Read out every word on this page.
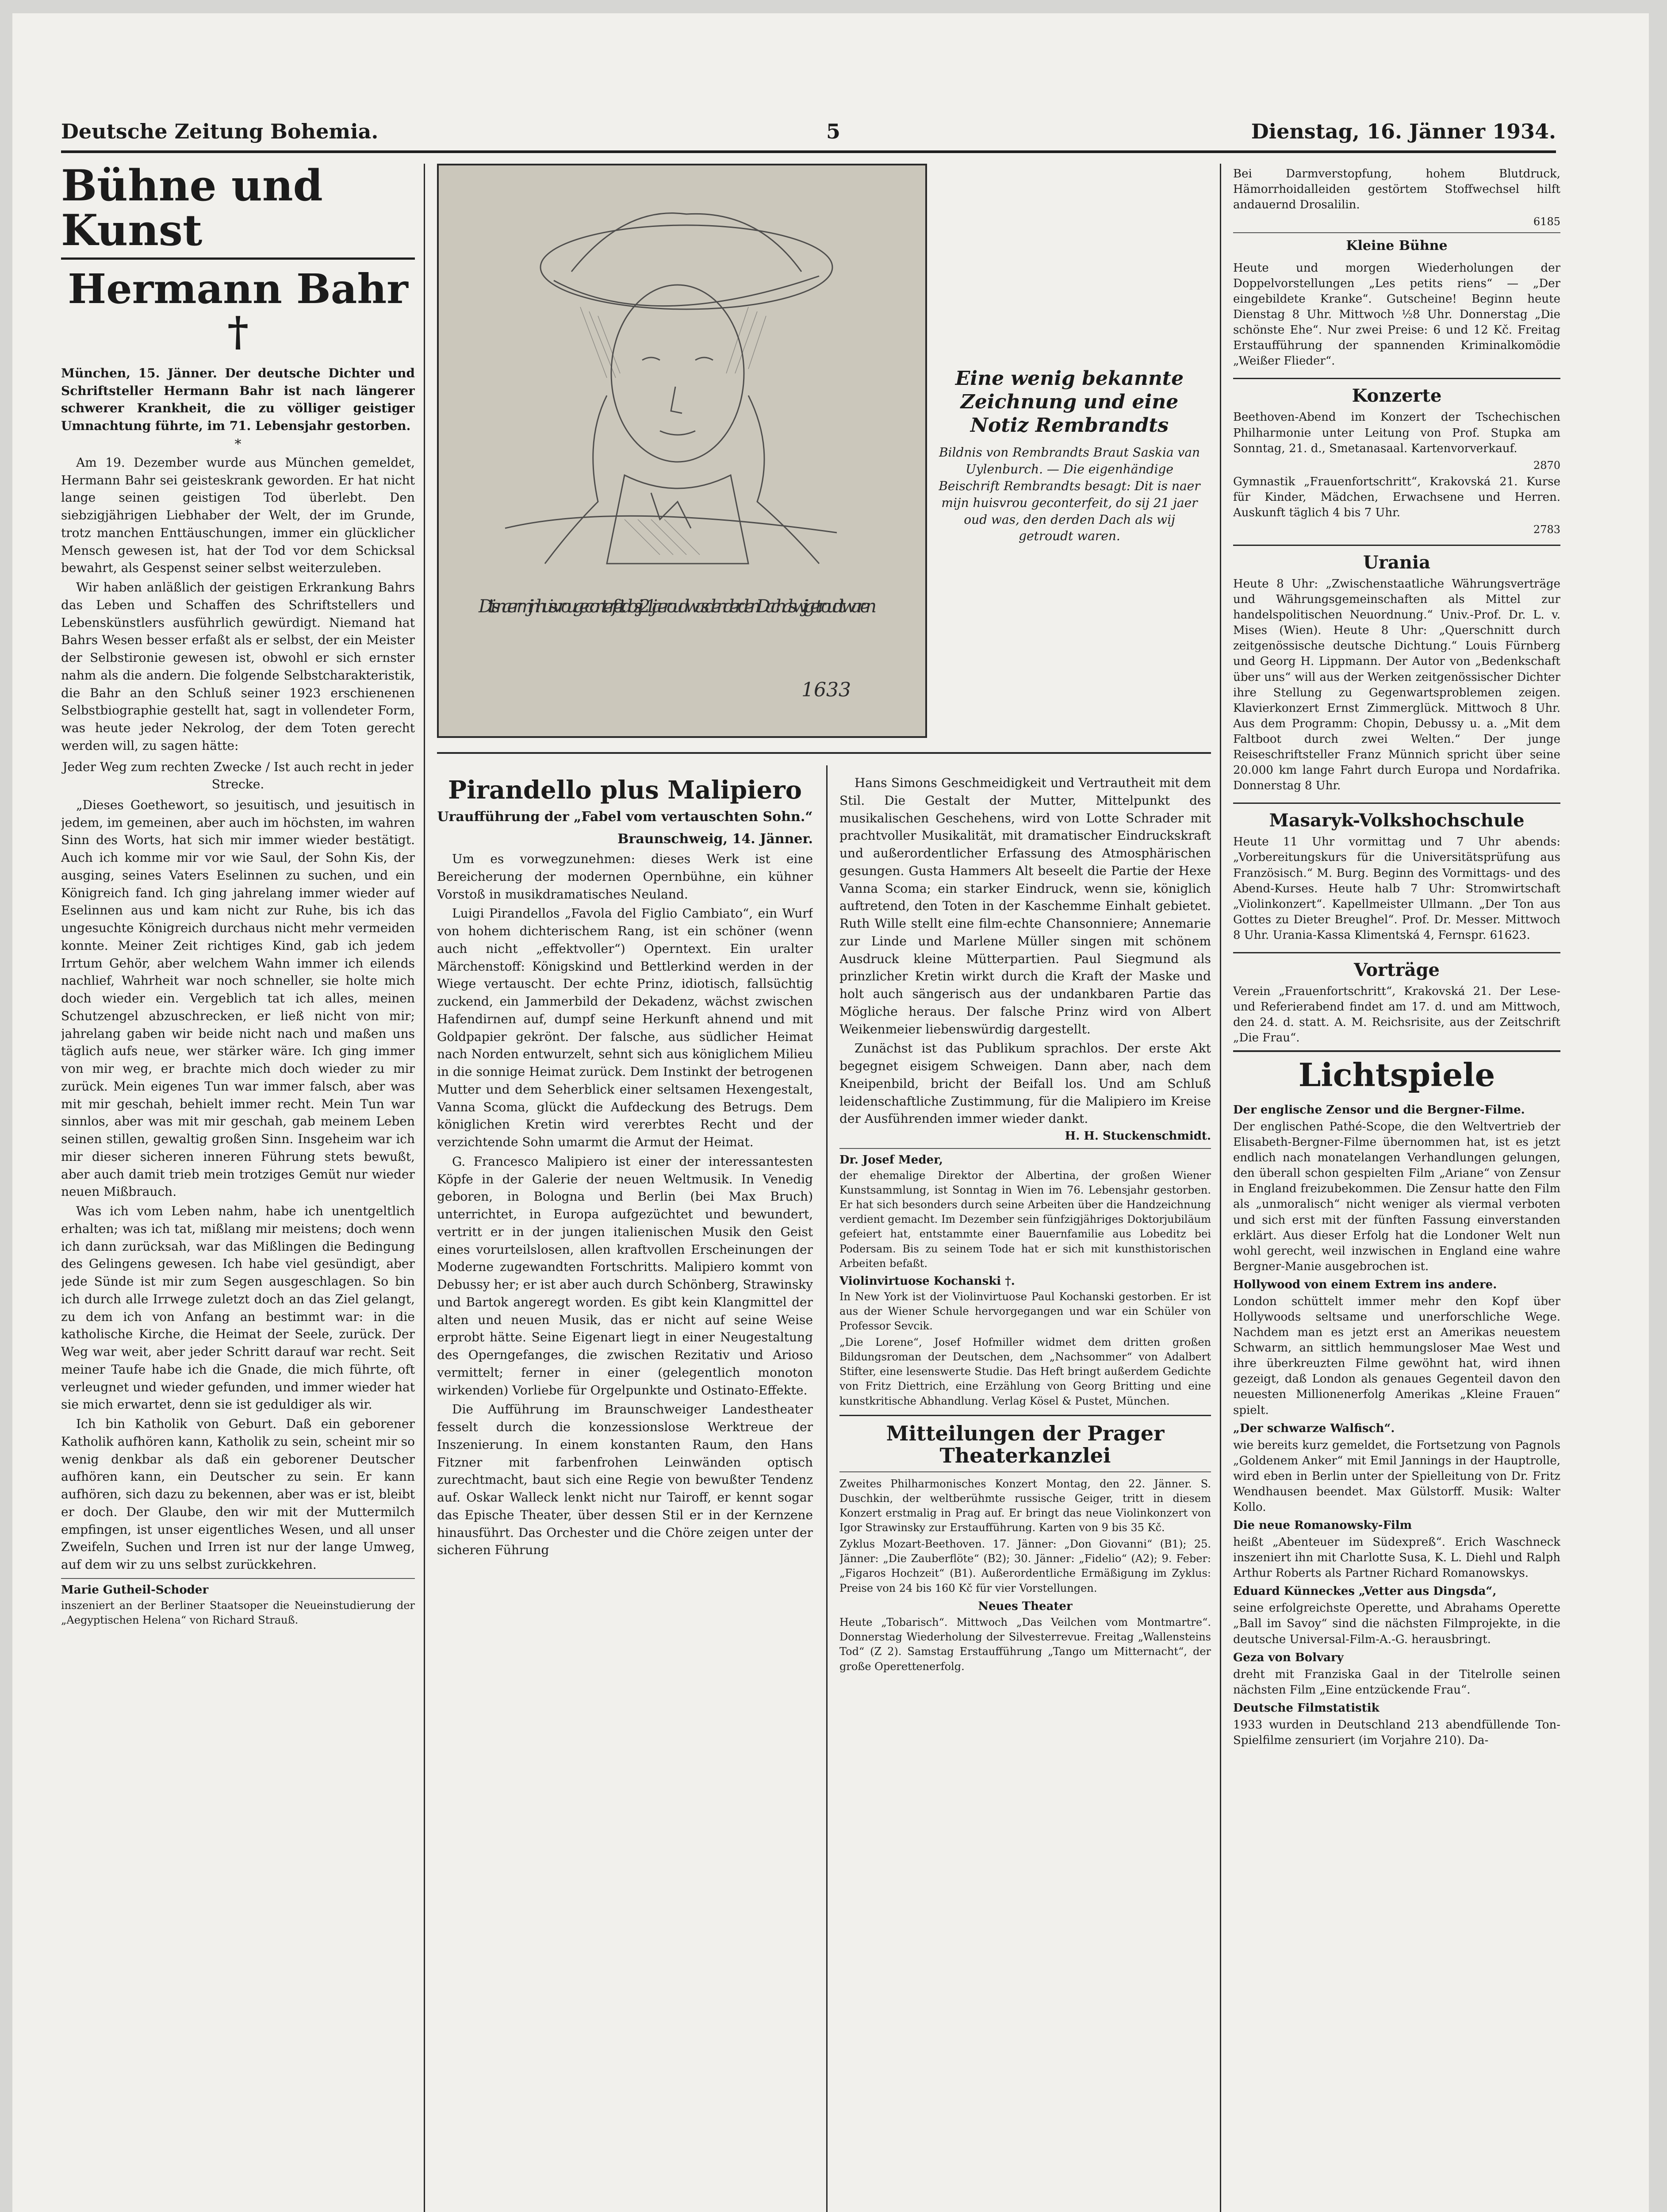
Deutsche Zeitung Bohemia.	5	Dienstag, 16. Jänner 1934.
Bühne und Kunst
Hermann Bahr †

München, 15. Jänner. Der deutsche Dichter und Schriftsteller Hermann Bahr ist nach längerer schwerer Krankheit, die zu völliger geistiger Umnachtung führte, im 71. Lebensjahr gestorben.

*

Am 19. Dezember wurde aus München gemeldet, Hermann Bahr sei geisteskrank geworden. Er hat nicht lange seinen geistigen Tod überlebt. Den siebzigjährigen Liebhaber der Welt, der im Grunde, trotz manchen Enttäuschungen, immer ein glücklicher Mensch gewesen ist, hat der Tod vor dem Schicksal bewahrt, als Gespenst seiner selbst weiterzuleben.

Wir haben anläßlich der geistigen Erkrankung Bahrs das Leben und Schaffen des Schriftstellers und Lebenskünstlers ausführlich gewürdigt. Niemand hat Bahrs Wesen besser erfaßt als er selbst, der ein Meister der Selbstironie gewesen ist, obwohl er sich ernster nahm als die andern. Die folgende Selbstcharakteristik, die Bahr an den Schluß seiner 1923 erschienenen Selbstbiographie gestellt hat, sagt in vollendeter Form, was heute jeder Nekrolog, der dem Toten gerecht werden will, zu sagen hätte:

Jeder Weg zum rechten Zwecke / Ist auch recht in jeder Strecke.

„Dieses Goethewort, so jesuitisch, und jesuitisch in jedem, im gemeinen, aber auch im höchsten, im wahren Sinn des Worts, hat sich mir immer wieder bestätigt. Auch ich komme mir vor wie Saul, der Sohn Kis, der ausging, seines Vaters Eselinnen zu suchen, und ein Königreich fand. Ich ging jahrelang immer wieder auf Eselinnen aus und kam nicht zur Ruhe, bis ich das ungesuchte Königreich durchaus nicht mehr vermeiden konnte. Meiner Zeit richtiges Kind, gab ich jedem Irrtum Gehör, aber welchem Wahn immer ich eilends nachlief, Wahrheit war noch schneller, sie holte mich doch wieder ein. Vergeblich tat ich alles, meinen Schutzengel abzuschrecken, er ließ nicht von mir; jahrelang gaben wir beide nicht nach und maßen uns täglich aufs neue, wer stärker wäre. Ich ging immer von mir weg, er brachte mich doch wieder zu mir zurück. Mein eigenes Tun war immer falsch, aber was mit mir geschah, behielt immer recht. Mein Tun war sinnlos, aber was mit mir geschah, gab meinem Leben seinen stillen, gewaltig großen Sinn. Insgeheim war ich mir dieser sicheren inneren Führung stets bewußt, aber auch damit trieb mein trotziges Gemüt nur wieder neuen Mißbrauch.

Was ich vom Leben nahm, habe ich unentgeltlich erhalten; was ich tat, mißlang mir meistens; doch wenn ich dann zurücksah, war das Mißlingen die Bedingung des Gelingens gewesen. Ich habe viel gesündigt, aber jede Sünde ist mir zum Segen ausgeschlagen. So bin ich durch alle Irrwege zuletzt doch an das Ziel gelangt, zu dem ich von Anfang an bestimmt war: in die katholische Kirche, die Heimat der Seele, zurück. Der Weg war weit, aber jeder Schritt darauf war recht. Seit meiner Taufe habe ich die Gnade, die mich führte, oft verleugnet und wieder gefunden, und immer wieder hat sie mich erwartet, denn sie ist geduldiger als wir.

Ich bin Katholik von Geburt. Daß ein geborener Katholik aufhören kann, Katholik zu sein, scheint mir so wenig denkbar als daß ein geborener Deutscher aufhören kann, ein Deutscher zu sein. Er kann aufhören, sich dazu zu bekennen, aber was er ist, bleibt er doch. Der Glaube, den wir mit der Muttermilch empfingen, ist unser eigentliches Wesen, und all unser Zweifeln, Suchen und Irren ist nur der lange Umweg, auf dem wir zu uns selbst zurückkehren.

Marie Gutheil-Schoder

inszeniert an der Berliner Staatsoper die Neueinstudierung der „Aegyptischen Helena“ von Richard Strauß.

Dit is naer mijn huisvrou geconterfeit do sij 21 jaer oud was den derden Dach als wij getroudt waren
1633
Eine wenig bekannte Zeichnung und eine Notiz Rembrandts
Bildnis von Rembrandts Braut Saskia van Uylenburch. — Die eigenhändige Beischrift Rembrandts besagt: Dit is naer mijn huisvrou geconterfeit, do sij 21 jaer oud was, den derden Dach als wij getroudt waren.
Pirandello plus Malipiero
Uraufführung der „Fabel vom vertauschten Sohn.“
Braunschweig, 14. Jänner.

Um es vorwegzunehmen: dieses Werk ist eine Bereicherung der modernen Opernbühne, ein kühner Vorstoß in musikdramatisches Neuland.

Luigi Pirandellos „Favola del Figlio Cambiato“, ein Wurf von hohem dichterischem Rang, ist ein schöner (wenn auch nicht „effektvoller“) Operntext. Ein uralter Märchenstoff: Königskind und Bettlerkind werden in der Wiege vertauscht. Der echte Prinz, idiotisch, fallsüchtig zuckend, ein Jammerbild der Dekadenz, wächst zwischen Hafendirnen auf, dumpf seine Herkunft ahnend und mit Goldpapier gekrönt. Der falsche, aus südlicher Heimat nach Norden entwurzelt, sehnt sich aus königlichem Milieu in die sonnige Heimat zurück. Dem Instinkt der betrogenen Mutter und dem Seherblick einer seltsamen Hexengestalt, Vanna Scoma, glückt die Aufdeckung des Betrugs. Dem königlichen Kretin wird vererbtes Recht und der verzichtende Sohn umarmt die Armut der Heimat.

G. Francesco Malipiero ist einer der interessantesten Köpfe in der Galerie der neuen Weltmusik. In Venedig geboren, in Bologna und Berlin (bei Max Bruch) unterrichtet, in Europa aufgezüchtet und bewundert, vertritt er in der jungen italienischen Musik den Geist eines vorurteilslosen, allen kraftvollen Erscheinungen der Moderne zugewandten Fortschritts. Malipiero kommt von Debussy her; er ist aber auch durch Schönberg, Strawinsky und Bartok angeregt worden. Es gibt kein Klangmittel der alten und neuen Musik, das er nicht auf seine Weise erprobt hätte. Seine Eigenart liegt in einer Neugestaltung des Operngefanges, die zwischen Rezitativ und Arioso vermittelt; ferner in einer (gelegentlich monoton wirkenden) Vorliebe für Orgelpunkte und Ostinato-Effekte.

Die Aufführung im Braunschweiger Landestheater fesselt durch die konzessionslose Werktreue der Inszenierung. In einem konstanten Raum, den Hans Fitzner mit farbenfrohen Leinwänden optisch zurechtmacht, baut sich eine Regie von bewußter Tendenz auf. Oskar Walleck lenkt nicht nur Tairoff, er kennt sogar das Epische Theater, über dessen Stil er in der Kernzene hinausführt. Das Orchester und die Chöre zeigen unter der sicheren Führung

Hans Simons Geschmeidigkeit und Vertrautheit mit dem Stil. Die Gestalt der Mutter, Mittelpunkt des musikalischen Geschehens, wird von Lotte Schrader mit prachtvoller Musikalität, mit dramatischer Eindruckskraft und außerordentlicher Erfassung des Atmosphärischen gesungen. Gusta Hammers Alt beseelt die Partie der Hexe Vanna Scoma; ein starker Eindruck, wenn sie, königlich auftretend, den Toten in der Kaschemme Einhalt gebietet. Ruth Wille stellt eine film-echte Chansonniere; Annemarie zur Linde und Marlene Müller singen mit schönem Ausdruck kleine Mütterpartien. Paul Siegmund als prinzlicher Kretin wirkt durch die Kraft der Maske und holt auch sängerisch aus der undankbaren Partie das Mögliche heraus. Der falsche Prinz wird von Albert Weikenmeier liebenswürdig dargestellt.

Zunächst ist das Publikum sprachlos. Der erste Akt begegnet eisigem Schweigen. Dann aber, nach dem Kneipenbild, bricht der Beifall los. Und am Schluß leidenschaftliche Zustimmung, für die Malipiero im Kreise der Ausführenden immer wieder dankt.

H. H. Stuckenschmidt.
Dr. Josef Meder,

der ehemalige Direktor der Albertina, der großen Wiener Kunstsammlung, ist Sonntag in Wien im 76. Lebensjahr gestorben. Er hat sich besonders durch seine Arbeiten über die Handzeichnung verdient gemacht. Im Dezember sein fünfzigjähriges Doktorjubiläum gefeiert hat, entstammte einer Bauernfamilie aus Lobeditz bei Podersam. Bis zu seinem Tode hat er sich mit kunsthistorischen Arbeiten befaßt.

Violinvirtuose Kochanski †.

In New York ist der Violinvirtuose Paul Kochanski gestorben. Er ist aus der Wiener Schule hervorgegangen und war ein Schüler von Professor Sevcik.

„Die Lorene“, Josef Hofmiller widmet dem dritten großen Bildungsroman der Deutschen, dem „Nachsommer“ von Adalbert Stifter, eine lesenswerte Studie. Das Heft bringt außerdem Gedichte von Fritz Diettrich, eine Erzählung von Georg Britting und eine kunstkritische Abhandlung. Verlag Kösel & Pustet, München.

Mitteilungen der Prager Theaterkanzlei

Zweites Philharmonisches Konzert Montag, den 22. Jänner. S. Duschkin, der weltberühmte russische Geiger, tritt in diesem Konzert erstmalig in Prag auf. Er bringt das neue Violinkonzert von Igor Strawinsky zur Erstaufführung. Karten von 9 bis 35 Kč.

Zyklus Mozart-Beethoven. 17. Jänner: „Don Giovanni“ (B1); 25. Jänner: „Die Zauberflöte“ (B2); 30. Jänner: „Fidelio“ (A2); 9. Feber: „Figaros Hochzeit“ (B1). Außerordentliche Ermäßigung im Zyklus: Preise von 24 bis 160 Kč für vier Vorstellungen.

Neues Theater

Heute „Tobarisch“. Mittwoch „Das Veilchen vom Montmartre“. Donnerstag Wiederholung der Silvesterrevue. Freitag „Wallensteins Tod“ (Z 2). Samstag Erstaufführung „Tango um Mitternacht“, der große Operettenerfolg.

Bei Darmverstopfung, hohem Blutdruck, Hämorrhoidalleiden gestörtem Stoffwechsel hilft andauernd Drosalilin.
6185
Kleine Bühne
Heute und morgen Wiederholungen der Doppelvorstellungen „Les petits riens“ — „Der eingebildete Kranke“. Gutscheine! Beginn heute Dienstag 8 Uhr. Mittwoch ½8 Uhr. Donnerstag „Die schönste Ehe“. Nur zwei Preise: 6 und 12 Kč. Freitag Erstaufführung der spannenden Kriminalkomödie „Weißer Flieder“.
Konzerte
Beethoven-Abend im Konzert der Tschechischen Philharmonie unter Leitung von Prof. Stupka am Sonntag, 21. d., Smetanasaal. Kartenvorverkauf.
2870
Gymnastik „Frauenfortschritt“, Krakovská 21. Kurse für Kinder, Mädchen, Erwachsene und Herren. Auskunft täglich 4 bis 7 Uhr.
2783
Urania
Heute 8 Uhr: „Zwischenstaatliche Währungsverträge und Währungsgemeinschaften als Mittel zur handelspolitischen Neuordnung.“ Univ.-Prof. Dr. L. v. Mises (Wien). Heute 8 Uhr: „Querschnitt durch zeitgenössische deutsche Dichtung.“ Louis Fürnberg und Georg H. Lippmann. Der Autor von „Bedenkschaft über uns“ will aus der Werken zeitgenössischer Dichter ihre Stellung zu Gegenwartsproblemen zeigen. Klavierkonzert Ernst Zimmerglück. Mittwoch 8 Uhr. Aus dem Programm: Chopin, Debussy u. a. „Mit dem Faltboot durch zwei Welten.“ Der junge Reiseschriftsteller Franz Münnich spricht über seine 20.000 km lange Fahrt durch Europa und Nordafrika. Donnerstag 8 Uhr.
Masaryk-Volkshochschule
Heute 11 Uhr vormittag und 7 Uhr abends: „Vorbereitungskurs für die Universitätsprüfung aus Französisch.“ M. Burg. Beginn des Vormittags- und des Abend-Kurses. Heute halb 7 Uhr: Stromwirtschaft „Violinkonzert“. Kapellmeister Ullmann. „Der Ton aus Gottes zu Dieter Breughel“. Prof. Dr. Messer. Mittwoch 8 Uhr. Urania-Kassa Klimentská 4, Fernspr. 61623.
Vorträge
Verein „Frauenfortschritt“, Krakovská 21. Der Lese- und Referierabend findet am 17. d. und am Mittwoch, den 24. d. statt. A. M. Reichsrisite, aus der Zeitschrift „Die Frau“.
Lichtspiele
Der englische Zensor und die Bergner-Filme.
Der englischen Pathé-Scope, die den Weltvertrieb der Elisabeth-Bergner-Filme übernommen hat, ist es jetzt endlich nach monatelangen Verhandlungen gelungen, den überall schon gespielten Film „Ariane“ von Zensur in England freizubekommen. Die Zensur hatte den Film als „unmoralisch“ nicht weniger als viermal verboten und sich erst mit der fünften Fassung einverstanden erklärt. Aus dieser Erfolg hat die Londoner Welt nun wohl gerecht, weil inzwischen in England eine wahre Bergner-Manie ausgebrochen ist.
Hollywood von einem Extrem ins andere.
London schüttelt immer mehr den Kopf über Hollywoods seltsame und unerforschliche Wege. Nachdem man es jetzt erst an Amerikas neuestem Schwarm, an sittlich hemmungsloser Mae West und ihre überkreuzten Filme gewöhnt hat, wird ihnen gezeigt, daß London als genaues Gegenteil davon den neuesten Millionenerfolg Amerikas „Kleine Frauen“ spielt.
„Der schwarze Walfisch“.
wie bereits kurz gemeldet, die Fortsetzung von Pagnols „Goldenem Anker“ mit Emil Jannings in der Hauptrolle, wird eben in Berlin unter der Spielleitung von Dr. Fritz Wendhausen beendet. Max Gülstorff. Musik: Walter Kollo.
Die neue Romanowsky-Film
heißt „Abenteuer im Südexpreß“. Erich Waschneck inszeniert ihn mit Charlotte Susa, K. L. Diehl und Ralph Arthur Roberts als Partner Richard Romanowskys.
Eduard Künneckes „Vetter aus Dingsda“,
seine erfolgreichste Operette, und Abrahams Operette „Ball im Savoy“ sind die nächsten Filmprojekte, in die deutsche Universal-Film-A.-G. herausbringt.
Geza von Bolvary
dreht mit Franziska Gaal in der Titelrolle seinen nächsten Film „Eine entzückende Frau“.
Deutsche Filmstatistik
1933 wurden in Deutschland 213 abendfüllende Ton-Spielfilme zensuriert (im Vorjahre 210). Da-
